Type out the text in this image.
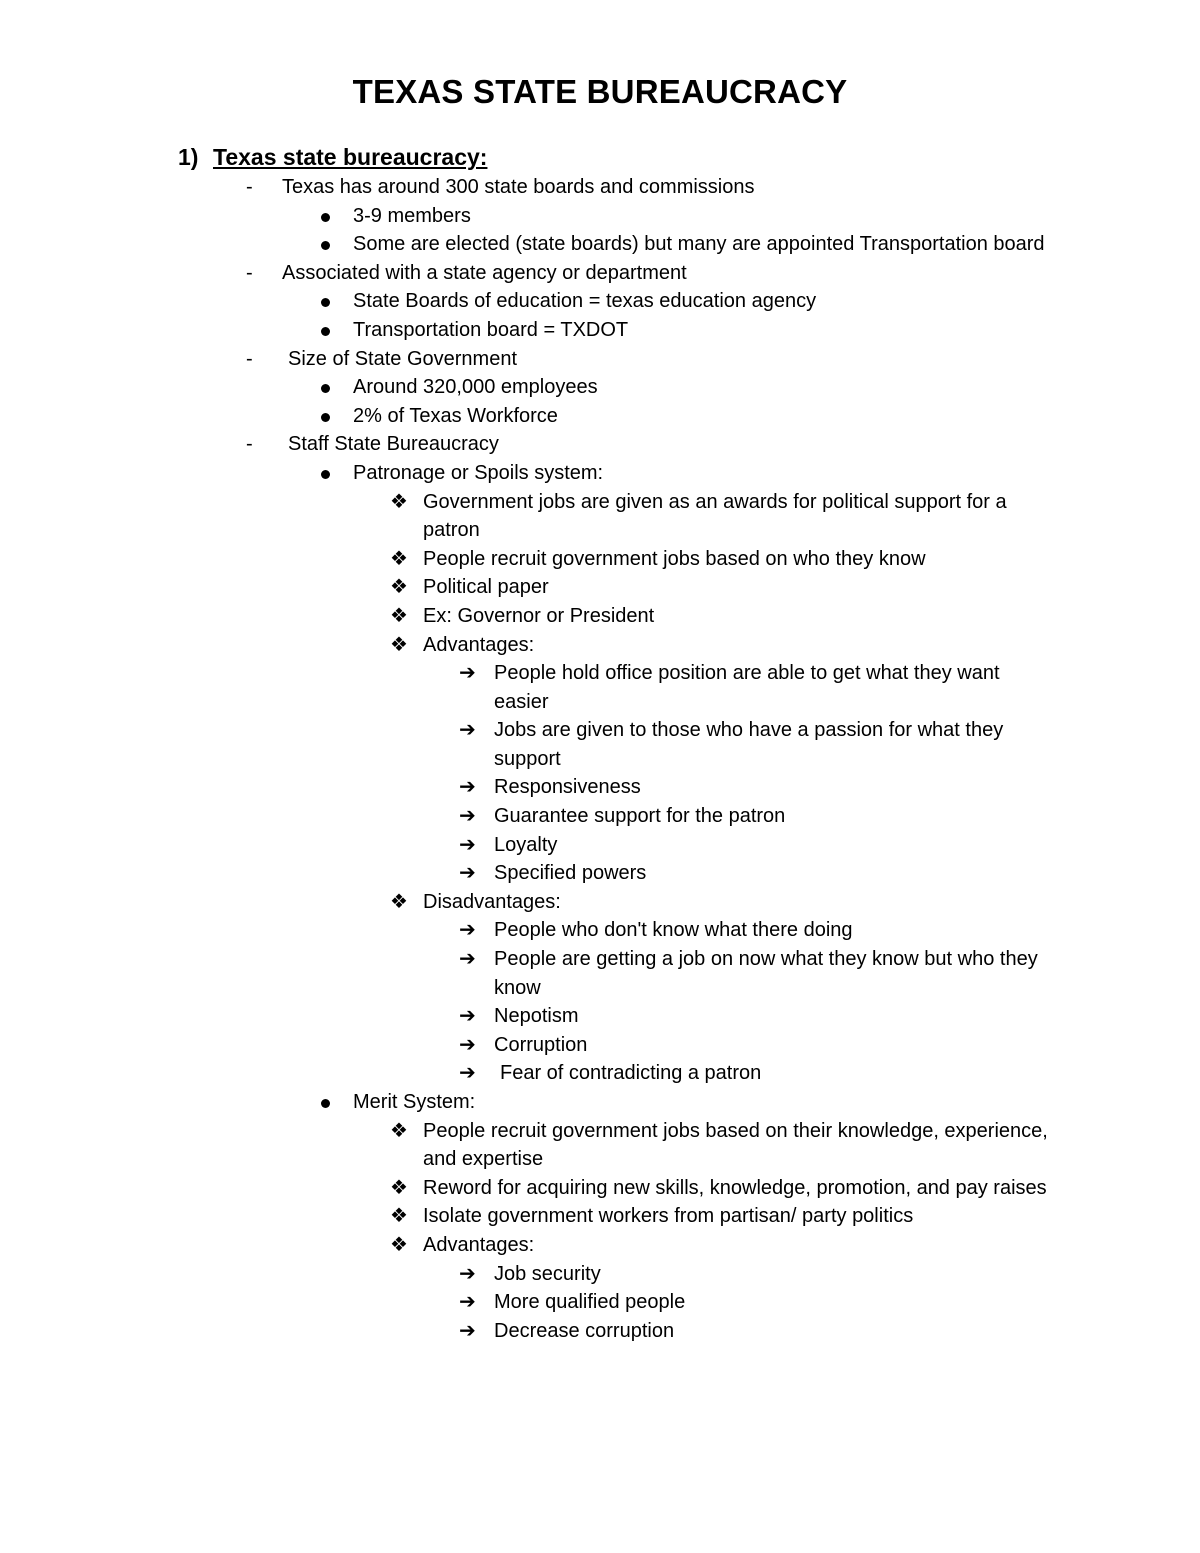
TEXAS STATE BUREAUCRACY
1) Texas state bureaucracy:
- Texas has around 300 state boards and commissions
3-9 members
Some are elected (state boards) but many are appointed Transportation board
- Associated with a state agency or department
State Boards of education = texas education agency
Transportation board = TXDOT
- Size of State Government
Around 320,000 employees
2% of Texas Workforce
- Staff State Bureaucracy
Patronage or Spoils system:
❖ Government jobs are given as an awards for political support for a patron
❖ People recruit government jobs based on who they know
❖ Political paper
❖ Ex: Governor or President
❖ Advantages:
➔ People hold office position are able to get what they want easier
➔ Jobs are given to those who have a passion for what they support
➔ Responsiveness
➔ Guarantee support for the patron
➔ Loyalty
➔ Specified powers
❖ Disadvantages:
➔ People who don't know what there doing
➔ People are getting a job on now what they know but who they know
➔ Nepotism
➔ Corruption
➔ Fear of contradicting a patron
Merit System:
❖ People recruit government jobs based on their knowledge, experience, and expertise
❖ Reword for acquiring new skills, knowledge, promotion, and pay raises
❖ Isolate government workers from partisan/ party politics
❖ Advantages:
➔ Job security
➔ More qualified people
➔ Decrease corruption
